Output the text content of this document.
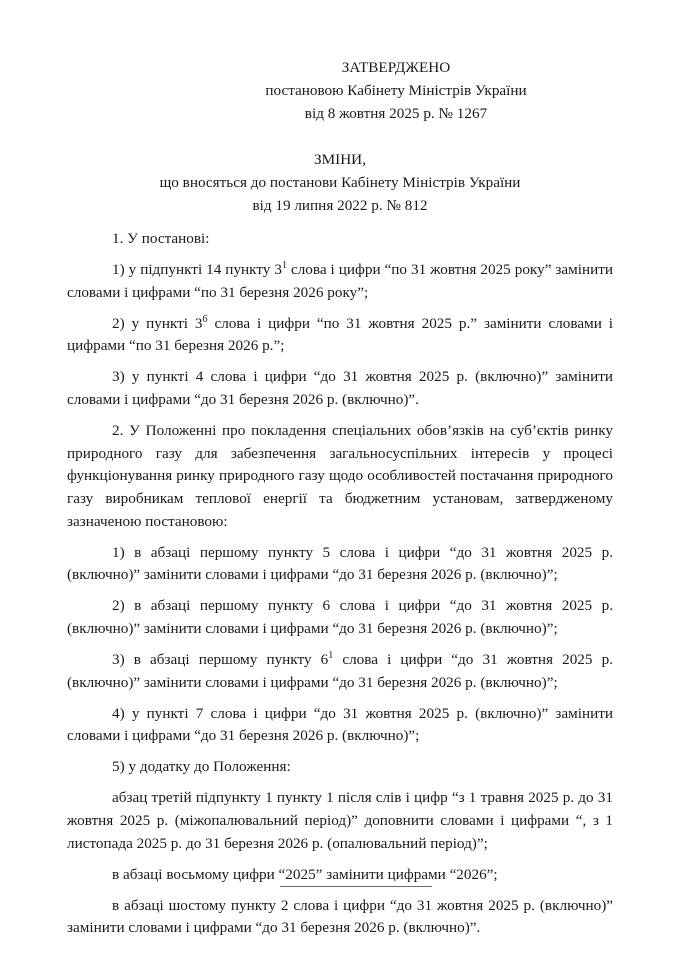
ЗАТВЕРДЖЕНО
постановою Кабінету Міністрів України
від 8 жовтня 2025 р. № 1267
ЗМІНИ,
що вносяться до постанови Кабінету Міністрів України
від 19 липня 2022 р. № 812

1. У постанові:

1) у підпункті 14 пункту $3^1$ слова і цифри “по 31 жовтня 2025 року” замінити словами і цифрами “по 31 березня 2026 року”;

2) у пункті $3^6$ слова і цифри “по 31 жовтня 2025 р.” замінити словами і цифрами “по 31 березня 2026 р.”;

3) у пункті 4 слова і цифри “до 31 жовтня 2025 р. (включно)” замінити словами і цифрами “до 31 березня 2026 р. (включно)”.

2. У Положенні про покладення спеціальних обов’язків на суб’єктів ринку природного газу для забезпечення загальносуспільних інтересів у процесі функціонування ринку природного газу щодо особливостей постачання природного газу виробникам теплової енергії та бюджетним установам, затвердженому зазначеною постановою:

1) в абзаці першому пункту 5 слова і цифри “до 31 жовтня 2025 р. (включно)” замінити словами і цифрами “до 31 березня 2026 р. (включно)”;

2) в абзаці першому пункту 6 слова і цифри “до 31 жовтня 2025 р. (включно)” замінити словами і цифрами “до 31 березня 2026 р. (включно)”;

3) в абзаці першому пункту $6^1$ слова і цифри “до 31 жовтня 2025 р. (включно)” замінити словами і цифрами “до 31 березня 2026 р. (включно)”;

4) у пункті 7 слова і цифри “до 31 жовтня 2025 р. (включно)” замінити словами і цифрами “до 31 березня 2026 р. (включно)”;

5) у додатку до Положення:

абзац третій підпункту 1 пункту 1 після слів і цифр “з 1 травня 2025 р. до 31 жовтня 2025 р. (міжопалювальний період)” доповнити словами і цифрами “, з 1 листопада 2025 р. до 31 березня 2026 р. (опалювальний період)”;

в абзаці восьмому цифри “2025” замінити цифрами “2026”;

в абзаці шостому пункту 2 слова і цифри “до 31 жовтня 2025 р. (включно)” замінити словами і цифрами “до 31 березня 2026 р. (включно)”.
